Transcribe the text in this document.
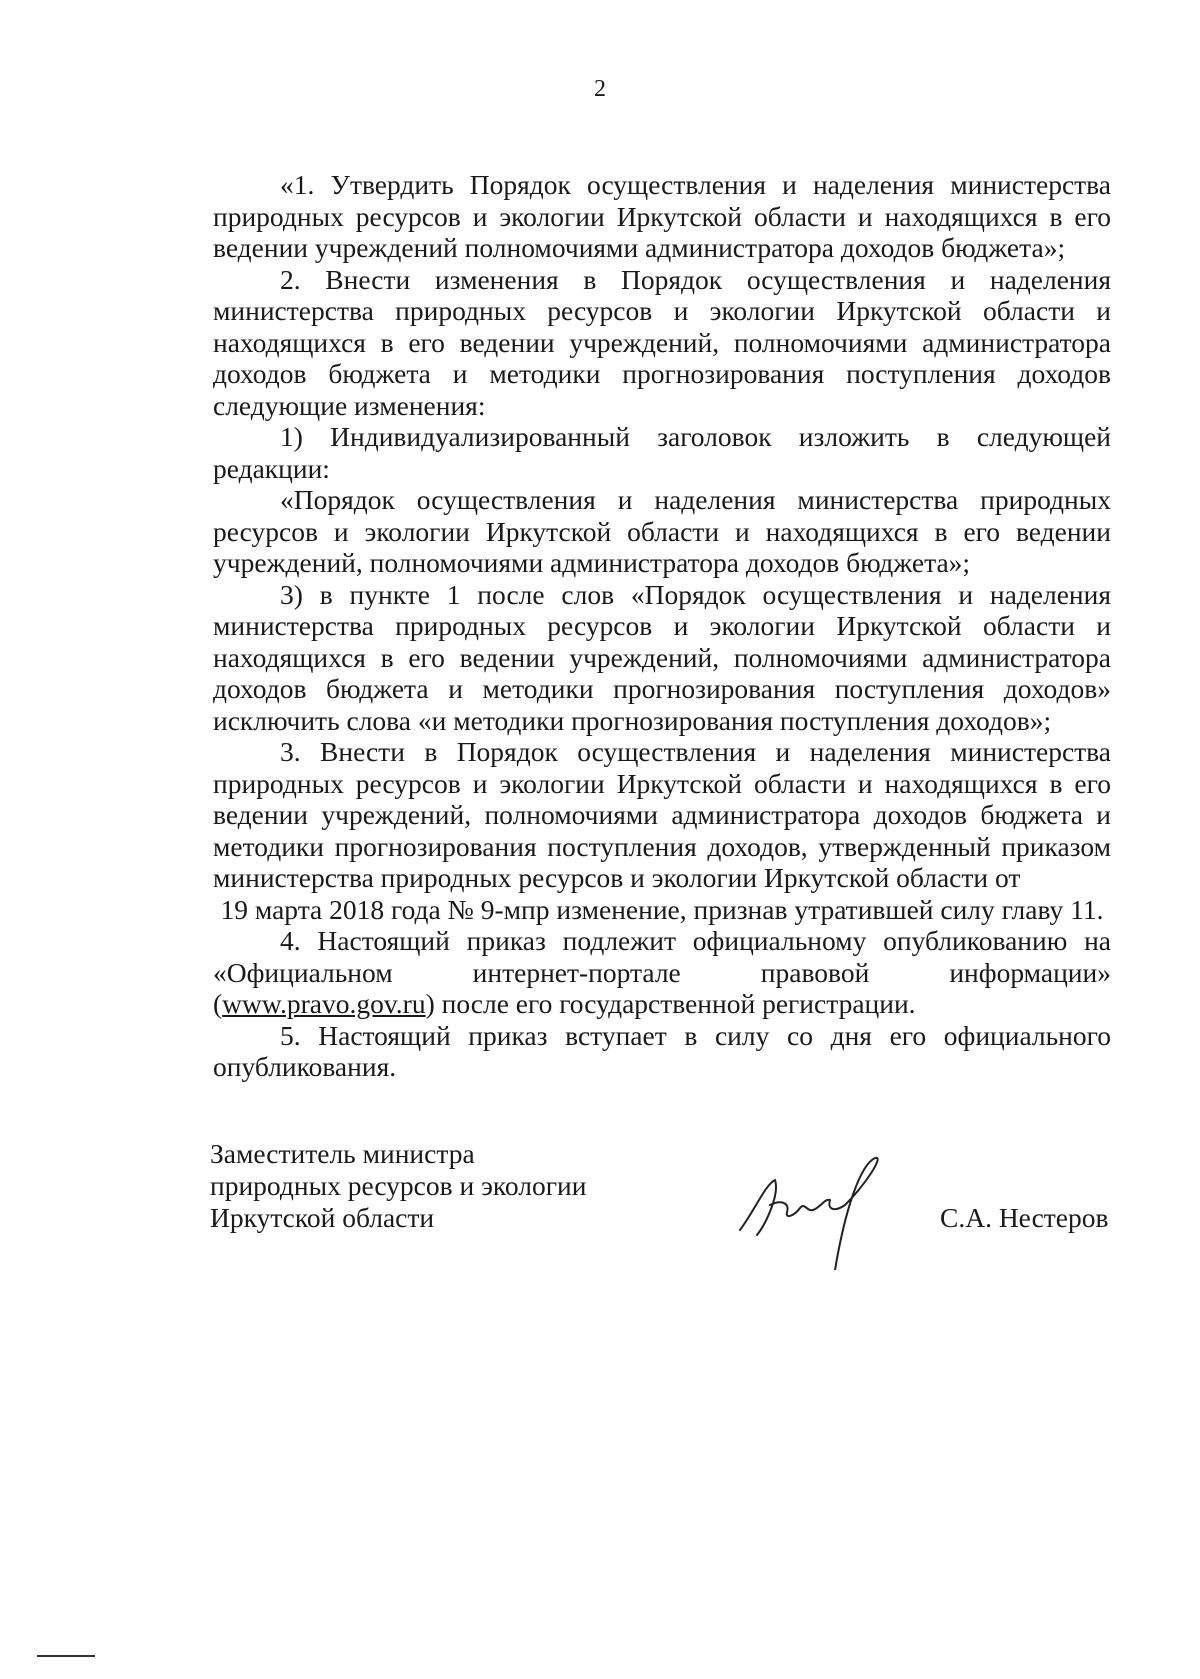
2

«1. Утвердить Порядок осуществления и наделения министерства природных ресурсов и экологии Иркутской области и находящихся в его ведении учреждений полномочиями администратора доходов бюджета»;

2. Внести изменения в Порядок осуществления и наделения министерства природных ресурсов и экологии Иркутской области и находящихся в его ведении учреждений, полномочиями администратора доходов бюджета и методики прогнозирования поступления доходов следующие изменения:

1) Индивидуализированный заголовок изложить в следующей редакции:

«Порядок осуществления и наделения министерства природных ресурсов и экологии Иркутской области и находящихся в его ведении учреждений, полномочиями администратора доходов бюджета»;

3) в пункте 1 после слов «Порядок осуществления и наделения министерства природных ресурсов и экологии Иркутской области и находящихся в его ведении учреждений, полномочиями администратора доходов бюджета и методики прогнозирования поступления доходов» исключить слова «и методики прогнозирования поступления доходов»;

3. Внести в Порядок осуществления и наделения министерства природных ресурсов и экологии Иркутской области и находящихся в его ведении учреждений, полномочиями администратора доходов бюджета и методики прогнозирования поступления доходов, утвержденный приказом министерства природных ресурсов и экологии Иркутской области от

19 марта 2018 года № 9-мпр изменение, признав утратившей силу главу 11.

4. Настоящий приказ подлежит официальному опубликованию на «Официальном интернет-портале правовой информации» (www.pravo.gov.ru) после его государственной регистрации.

5. Настоящий приказ вступает в силу со дня его официального опубликования.

Заместитель министра
природных ресурсов и экологии
Иркутской области	С.А. Нестеров
